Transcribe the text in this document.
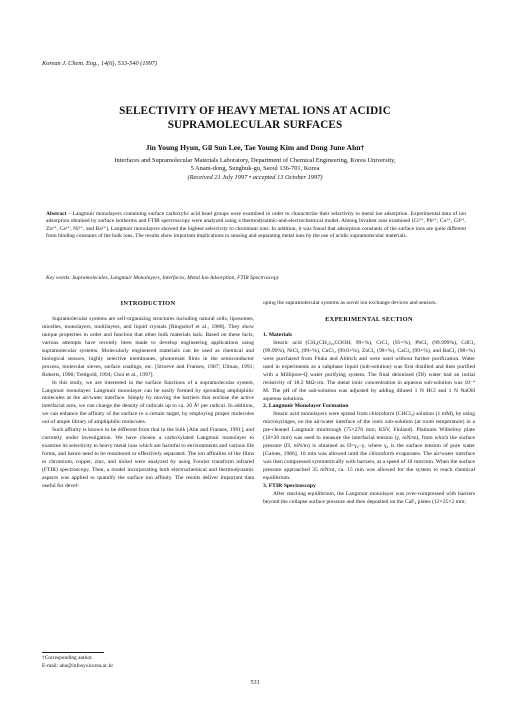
Korean J. Chem. Eng., 14(6), 533-540 (1997)
SELECTIVITY OF HEAVY METAL IONS AT ACIDIC
SUPRAMOLECULAR SURFACES
Jin Young Hyun, Gil Sun Lee, Tae Young Kim and Dong June Ahn†
Interfaces and Supramolecular Materials Laboratory, Department of Chemical Engineering, Korea University,
5 Anam-dong, Sungbuk-gu, Seoul 136-701, Korea
(Received 21 July 1997 • accepted 13 October 1997)
Abstract – Langmuir monolayers containing surface carboxylic acid head groups were examined in order to characterize their selectivity to metal ion adsorption. Experimental data of ion adsorption obtained by surface isotherms and FTIR spectroscopy were analyzed using a thermodynamic-and-electrochemical model. Among bivalent ions examined (Cr²⁺, Pb²⁺, Cu²⁺, Cd²⁺, Zn²⁺, Ca²⁺, Ni²⁺, and Ba²⁺), Langmuir monolayers showed the highest selectivity to chromium ions. In addition, it was found that adsorption constants of the surface ions are quite different from binding constants of the bulk ions. The results show important implications to sensing and separating metal ions by the use of acidic supramolecular materials.
Key words: Supramolecules, Langmuir Monolayers, Interfaces, Metal Ion Adsorption, FTIR Spectroscopy
INTRODUCTION

Supramolecular systems are self-organizing structures including natural cells, liposomes, micelles, monolayers, multilayers, and liquid crystals [Ringsdorf et al., 1988]. They show unique properties in order and function that other bulk materials lack. Based on these facts, various attempts have recently been made to develop engineering applications using supramolecular systems. Molecularly engineered materials can be used as chemical and biological sensors, highly selective membranes, photoresist films in the semiconductor process, molecular sieves, surface coatings, etc. [Stroeve and Franses, 1987; Ulman, 1991; Roberts, 1990; Tredgold, 1994; Choi et al., 1997].

In this study, we are interested in the surface functions of a supramolecular system, Langmuir monolayer. Langmuir monolayer can be easily formed by spreading amphiphilic molecules at the air/water interface. Simply by moving the barriers that enclose the active interfacial area, we can change the density of radicals up to ca. 20 Å² per radical. In addition, we can enhance the affinity of the surface to a certain target, by employing proper molecules out of ample library of amphiphilic molecules.

Such affinity is known to be different from that in the bulk [Ahn and Franses, 1991], and currently under investigation. We have chosen a carboxylated Langmuir monolayer to examine its selectivity to heavy metal ions which are harmful to environments and various life forms, and hence need to be monitored or effectively separated. The ion affinities of the films to chromium, copper, zinc, and nickel were analyzed by using Fourier transform infrared (FTIR) spectroscopy. Then, a model incorporating both electrochemical and thermodynamic aspects was applied to quantify the surface ion affinity. The results deliver important data useful for devel-

oping the supramolecular systems as novel ion exchange devices and sensors.

EXPERIMENTAL SECTION
1. Materials

Stearic acid (CH₃(CH₂)₁₆COOH; 99+%), CrCl₂ (95+%), PbCl₂ (99.999%), CdCl₂ (99.99%), NiCl₂ (99+%), CuCl₂ (99.0+%), ZnCl₂ (98+%), CaCl₂ (99+%), and BaCl₂ (98+%) were purchased from Fluka and Aldrich and were used without further purification. Water used in experiments as a subphase liquid (sub-solution) was first distilled and then purified with a Millipore-Q water purifying system. The final deionized (DI) water had an initial resistivity of 18.2 MΩ·cm. The metal ionic concentration in aqueous sub-solution was 10⁻⁴ M. The pH of the sub-solution was adjusted by adding diluted 1 N HCl and 1 N NaOH aqueous solutions.

2. Langmuir Monolayer Formation

Stearic acid monolayers were spread from chloroform (CHCl₃) solution (1 mM), by using microsyringes, on the air/water interface of the ionic sub-solution (at room temperature) in a pre-cleaned Langmuir minitrough (75×270 mm; KSV, Finland). Platinum Wilhelmy plate (10×20 mm) was used to measure the interfacial tension (γ, mN/m), from which the surface pressure (Π, mN/m) is obtained as Π=γ₀−γ, where γ₀ is the surface tension of pure water [Gaines, 1966]. 10 min was allowed until the chloroform evaporates. The air/water interface was then compressed symmetrically with barriers, at a speed of 10 mm/min. When the surface pressure approached 35 mN/m, ca. 15 min was allowed for the system to reach chemical equilibrium.

3. FTIR Spectroscopy

After reaching equilibrium, the Langmuir monolayer was over-compressed with barriers beyond the collapse surface pressure and then deposited on the CaF₂ plates (12×25×2 mm;

†Corresponding author.
E-mail: ahn@infosys.korea.ac.kr
533
